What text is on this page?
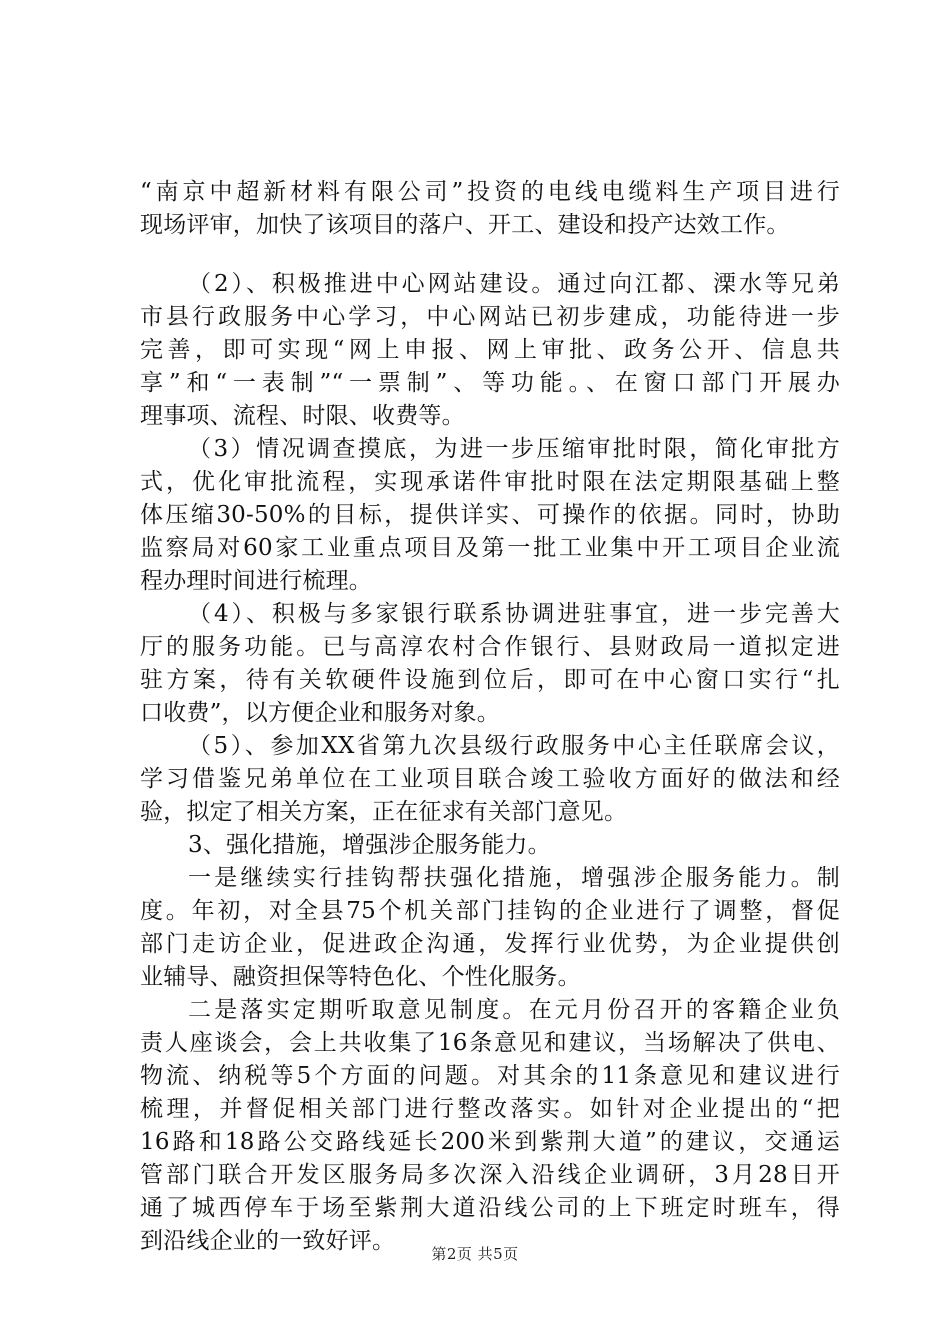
“南京中超新材料有限公司”投资的电线电缆料生产项目进行
现场评审，加快了该项目的落户、开工、建设和投产达效工作。
（2）、积极推进中心网站建设。通过向江都、溧水等兄弟
市县行政服务中心学习，中心网站已初步建成，功能待进一步
完善，即可实现“网上申报、网上审批、政务公开、信息共
享”和“一表制”“一票制”、等功能。、在窗口部门开展办
理事项、流程、时限、收费等。
（3）情况调查摸底，为进一步压缩审批时限，简化审批方
式，优化审批流程，实现承诺件审批时限在法定期限基础上整
体压缩30-50%的目标，提供详实、可操作的依据。同时，协助
监察局对60家工业重点项目及第一批工业集中开工项目企业流
程办理时间进行梳理。
（4）、积极与多家银行联系协调进驻事宜，进一步完善大
厅的服务功能。已与高淳农村合作银行、县财政局一道拟定进
驻方案，待有关软硬件设施到位后，即可在中心窗口实行“扎
口收费”，以方便企业和服务对象。
（5）、参加XX省第九次县级行政服务中心主任联席会议，
学习借鉴兄弟单位在工业项目联合竣工验收方面好的做法和经
验，拟定了相关方案，正在征求有关部门意见。
3、强化措施，增强涉企服务能力。
一是继续实行挂钩帮扶强化措施，增强涉企服务能力。制
度。年初，对全县75个机关部门挂钩的企业进行了调整，督促
部门走访企业，促进政企沟通，发挥行业优势，为企业提供创
业辅导、融资担保等特色化、个性化服务。
二是落实定期听取意见制度。在元月份召开的客籍企业负
责人座谈会，会上共收集了16条意见和建议，当场解决了供电、
物流、纳税等5个方面的问题。对其余的11条意见和建议进行
梳理，并督促相关部门进行整改落实。如针对企业提出的“把
16路和18路公交路线延长200米到紫荆大道”的建议，交通运
管部门联合开发区服务局多次深入沿线企业调研，3月28日开
通了城西停车于场至紫荆大道沿线公司的上下班定时班车，得
到沿线企业的一致好评。	第2页 共5页
